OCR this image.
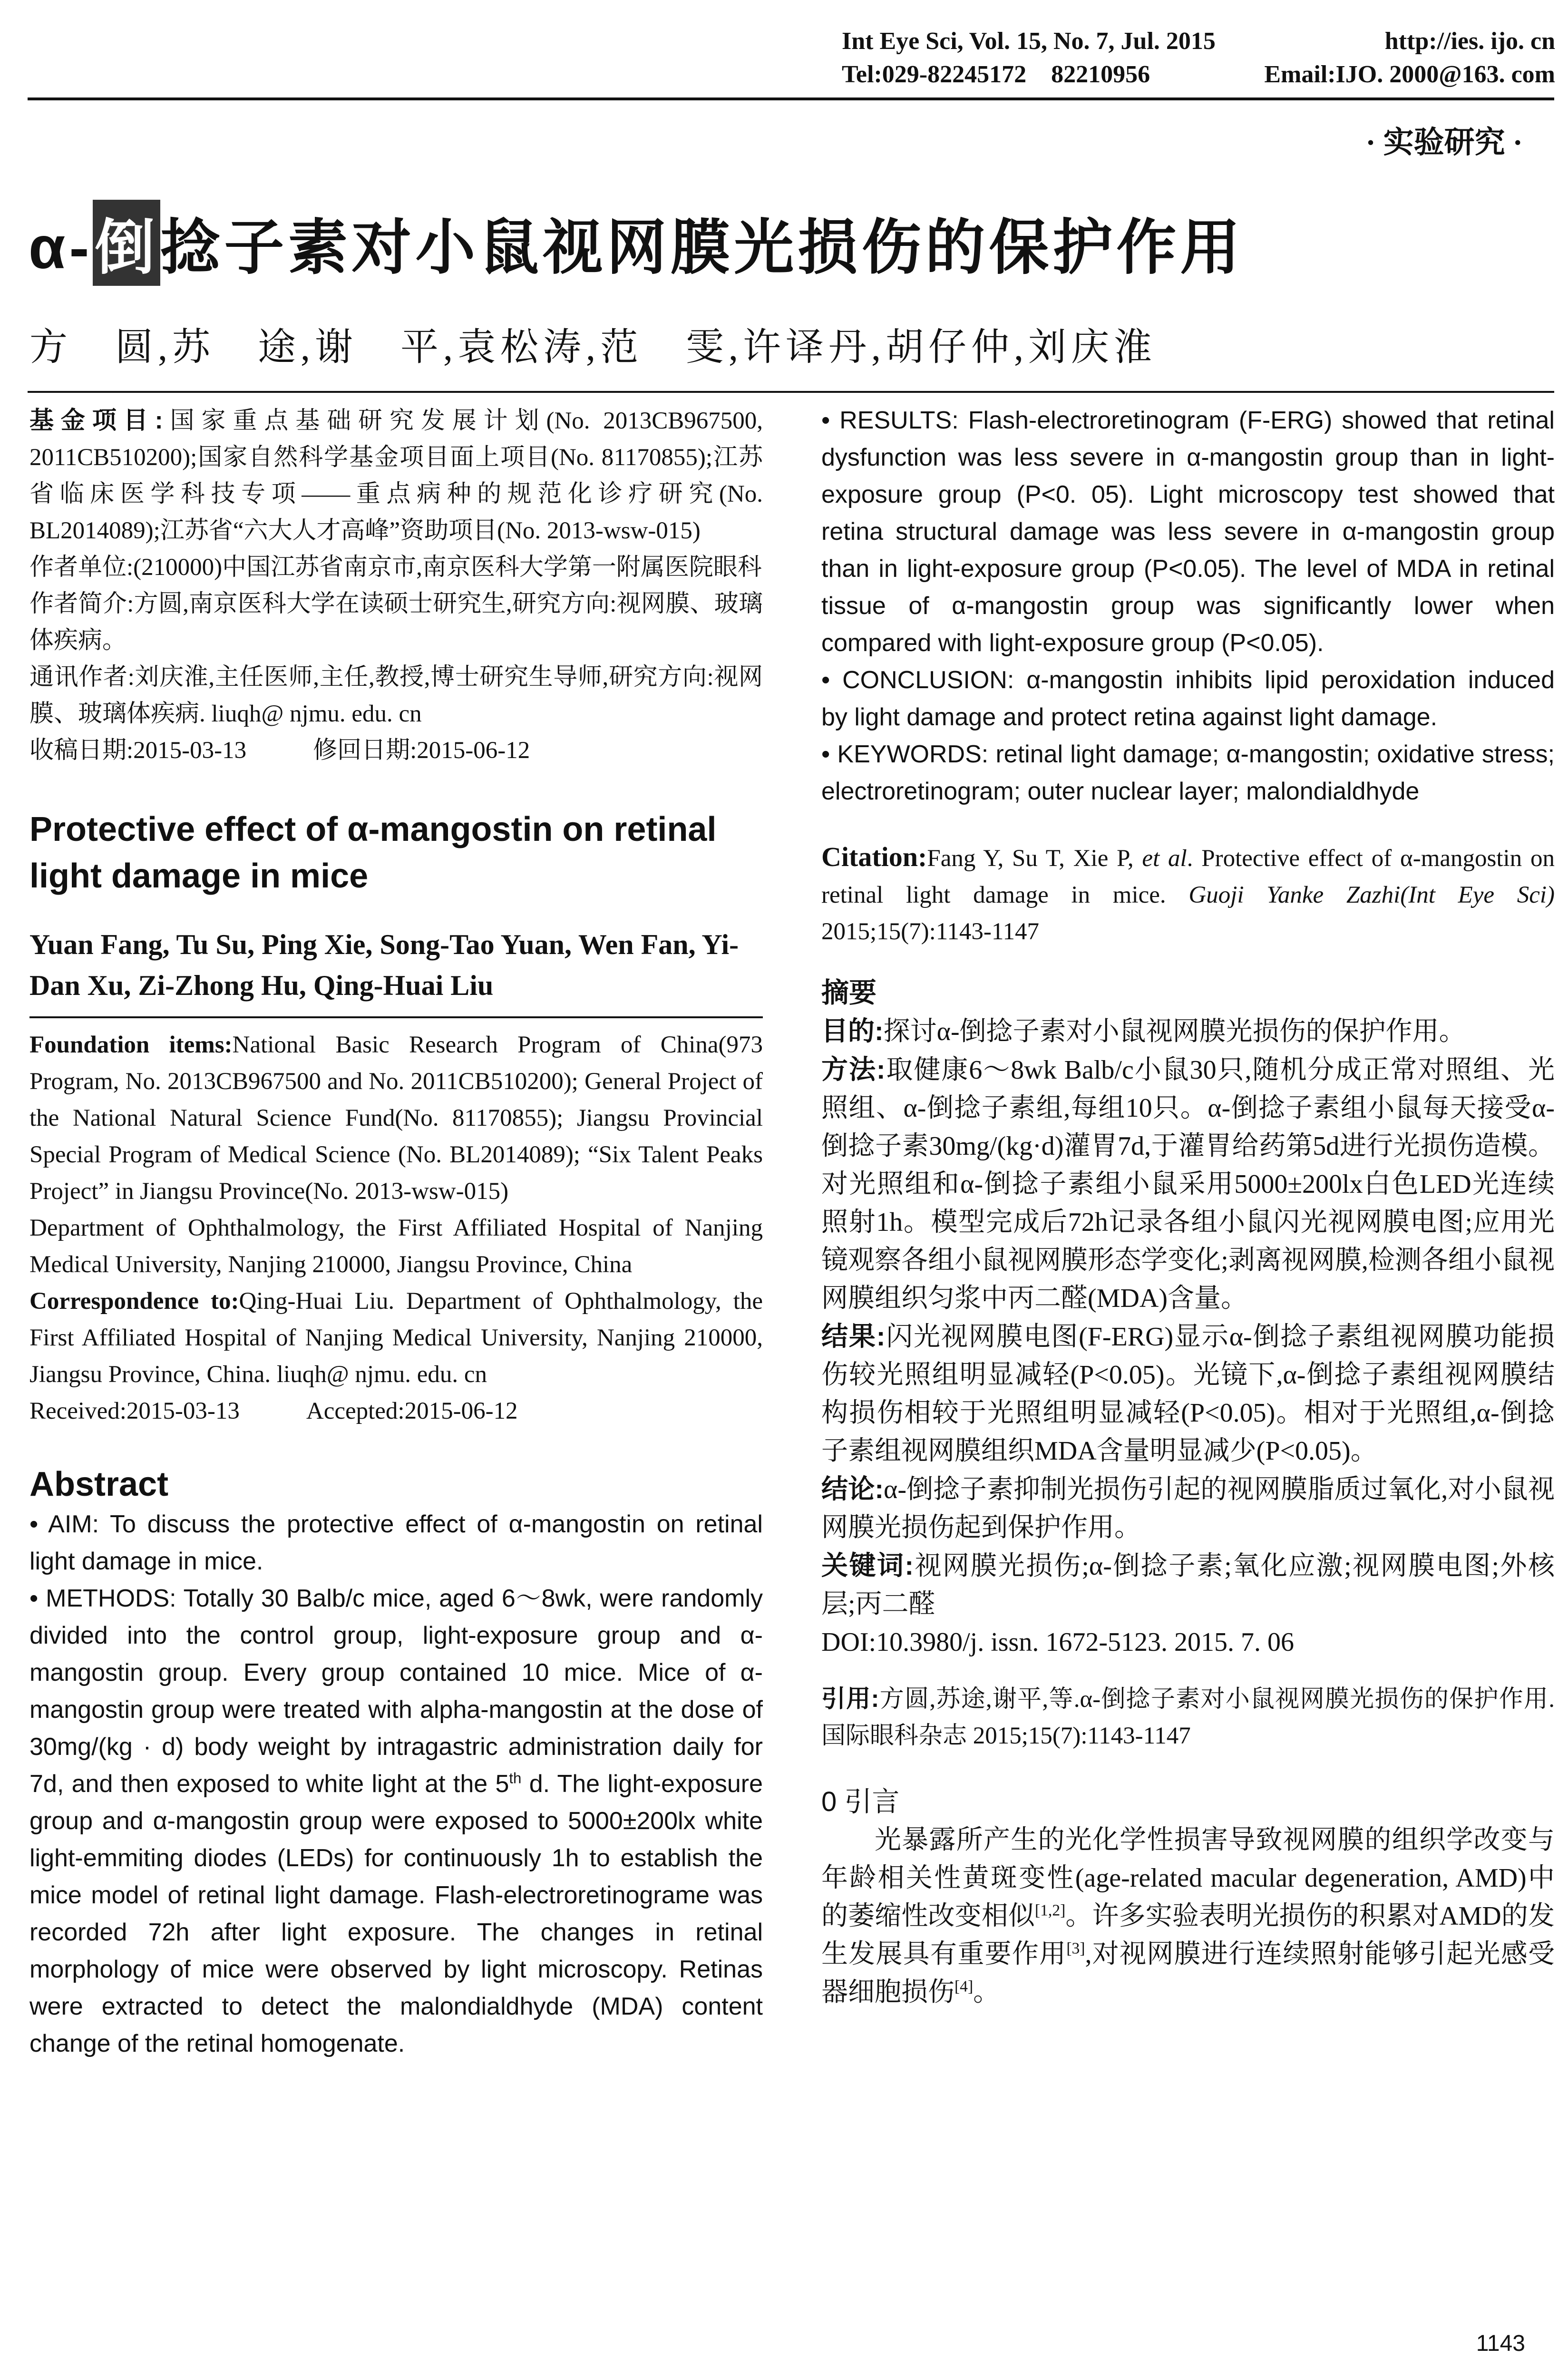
Int Eye Sci, Vol. 15, No. 7, Jul. 2015	http://ies. ijo. cn
Tel:029-82245172　82210956	Email:IJO. 2000@163. com
· 实验研究 ·
α-倒捻子素对小鼠视网膜光损伤的保护作用
方　圆,苏　途,谢　平,袁松涛,范　雯,许译丹,胡仔仲,刘庆淮

基金项目:国家重点基础研究发展计划(No. 2013CB967500, 2011CB510200);国家自然科学基金项目面上项目(No. 81170855);江苏省临床医学科技专项——重点病种的规范化诊疗研究(No. BL2014089);江苏省“六大人才高峰”资助项目(No. 2013-wsw-015)

作者单位:(210000)中国江苏省南京市,南京医科大学第一附属医院眼科

作者简介:方圆,南京医科大学在读硕士研究生,研究方向:视网膜、玻璃体疾病。

通讯作者:刘庆淮,主任医师,主任,教授,博士研究生导师,研究方向:视网膜、玻璃体疾病. liuqh@ njmu. edu. cn

收稿日期:2015-03-13	修回日期:2015-06-12

Protective effect of α-mangostin on retinal light damage in mice

Yuan Fang, Tu Su, Ping Xie, Song-Tao Yuan, Wen Fan, Yi-Dan Xu, Zi-Zhong Hu, Qing-Huai Liu

Foundation items:National Basic Research Program of China(973 Program, No. 2013CB967500 and No. 2011CB510200); General Project of the National Natural Science Fund(No. 81170855); Jiangsu Provincial Special Program of Medical Science (No. BL2014089); “Six Talent Peaks Project” in Jiangsu Province(No. 2013-wsw-015)

Department of Ophthalmology, the First Affiliated Hospital of Nanjing Medical University, Nanjing 210000, Jiangsu Province, China

Correspondence to:Qing-Huai Liu. Department of Ophthalmology, the First Affiliated Hospital of Nanjing Medical University, Nanjing 210000, Jiangsu Province, China. liuqh@ njmu. edu. cn

Received:2015-03-13	Accepted:2015-06-12

Abstract

• AIM: To discuss the protective effect of α-mangostin on retinal light damage in mice.

• METHODS: Totally 30 Balb/c mice, aged 6～8wk, were randomly divided into the control group, light-exposure group and α-mangostin group. Every group contained 10 mice. Mice of α-mangostin group were treated with alpha-mangostin at the dose of 30mg/(kg · d) body weight by intragastric administration daily for 7d, and then exposed to white light at the 5th d. The light-exposure group and α-mangostin group were exposed to 5000±200lx white light-emmiting diodes (LEDs) for continuously 1h to establish the mice model of retinal light damage. Flash-electroretinograme was recorded 72h after light exposure. The changes in retinal morphology of mice were observed by light microscopy. Retinas were extracted to detect the malondialdhyde (MDA) content change of the retinal homogenate.

• RESULTS: Flash-electroretinogram (F-ERG) showed that retinal dysfunction was less severe in α-mangostin group than in light-exposure group (P<0. 05). Light microscopy test showed that retina structural damage was less severe in α-mangostin group than in light-exposure group (P<0.05). The level of MDA in retinal tissue of α-mangostin group was significantly lower when compared with light-exposure group (P<0.05).

• CONCLUSION: α-mangostin inhibits lipid peroxidation induced by light damage and protect retina against light damage.

• KEYWORDS: retinal light damage; α-mangostin; oxidative stress; electroretinogram; outer nuclear layer; malondialdhyde

Citation:Fang Y, Su T, Xie P, et al. Protective effect of α-mangostin on retinal light damage in mice. Guoji Yanke Zazhi(Int Eye Sci) 2015;15(7):1143-1147

摘要

目的:探讨α-倒捻子素对小鼠视网膜光损伤的保护作用。

方法:取健康6～8wk Balb/c小鼠30只,随机分成正常对照组、光照组、α-倒捻子素组,每组10只。α-倒捻子素组小鼠每天接受α-倒捻子素30mg/(kg·d)灌胃7d,于灌胃给药第5d进行光损伤造模。对光照组和α-倒捻子素组小鼠采用5000±200lx白色LED光连续照射1h。模型完成后72h记录各组小鼠闪光视网膜电图;应用光镜观察各组小鼠视网膜形态学变化;剥离视网膜,检测各组小鼠视网膜组织匀浆中丙二醛(MDA)含量。

结果:闪光视网膜电图(F-ERG)显示α-倒捻子素组视网膜功能损伤较光照组明显减轻(P<0.05)。光镜下,α-倒捻子素组视网膜结构损伤相较于光照组明显减轻(P<0.05)。相对于光照组,α-倒捻子素组视网膜组织MDA含量明显减少(P<0.05)。

结论:α-倒捻子素抑制光损伤引起的视网膜脂质过氧化,对小鼠视网膜光损伤起到保护作用。

关键词:视网膜光损伤;α-倒捻子素;氧化应激;视网膜电图;外核层;丙二醛

DOI:10.3980/j. issn. 1672-5123. 2015. 7. 06

引用:方圆,苏途,谢平,等.α-倒捻子素对小鼠视网膜光损伤的保护作用. 国际眼科杂志 2015;15(7):1143-1147

0 引言

光暴露所产生的光化学性损害导致视网膜的组织学改变与年龄相关性黄斑变性(age-related macular degeneration, AMD)中的萎缩性改变相似[1,2]。许多实验表明光损伤的积累对AMD的发生发展具有重要作用[3],对视网膜进行连续照射能够引起光感受器细胞损伤[4]。

1143
